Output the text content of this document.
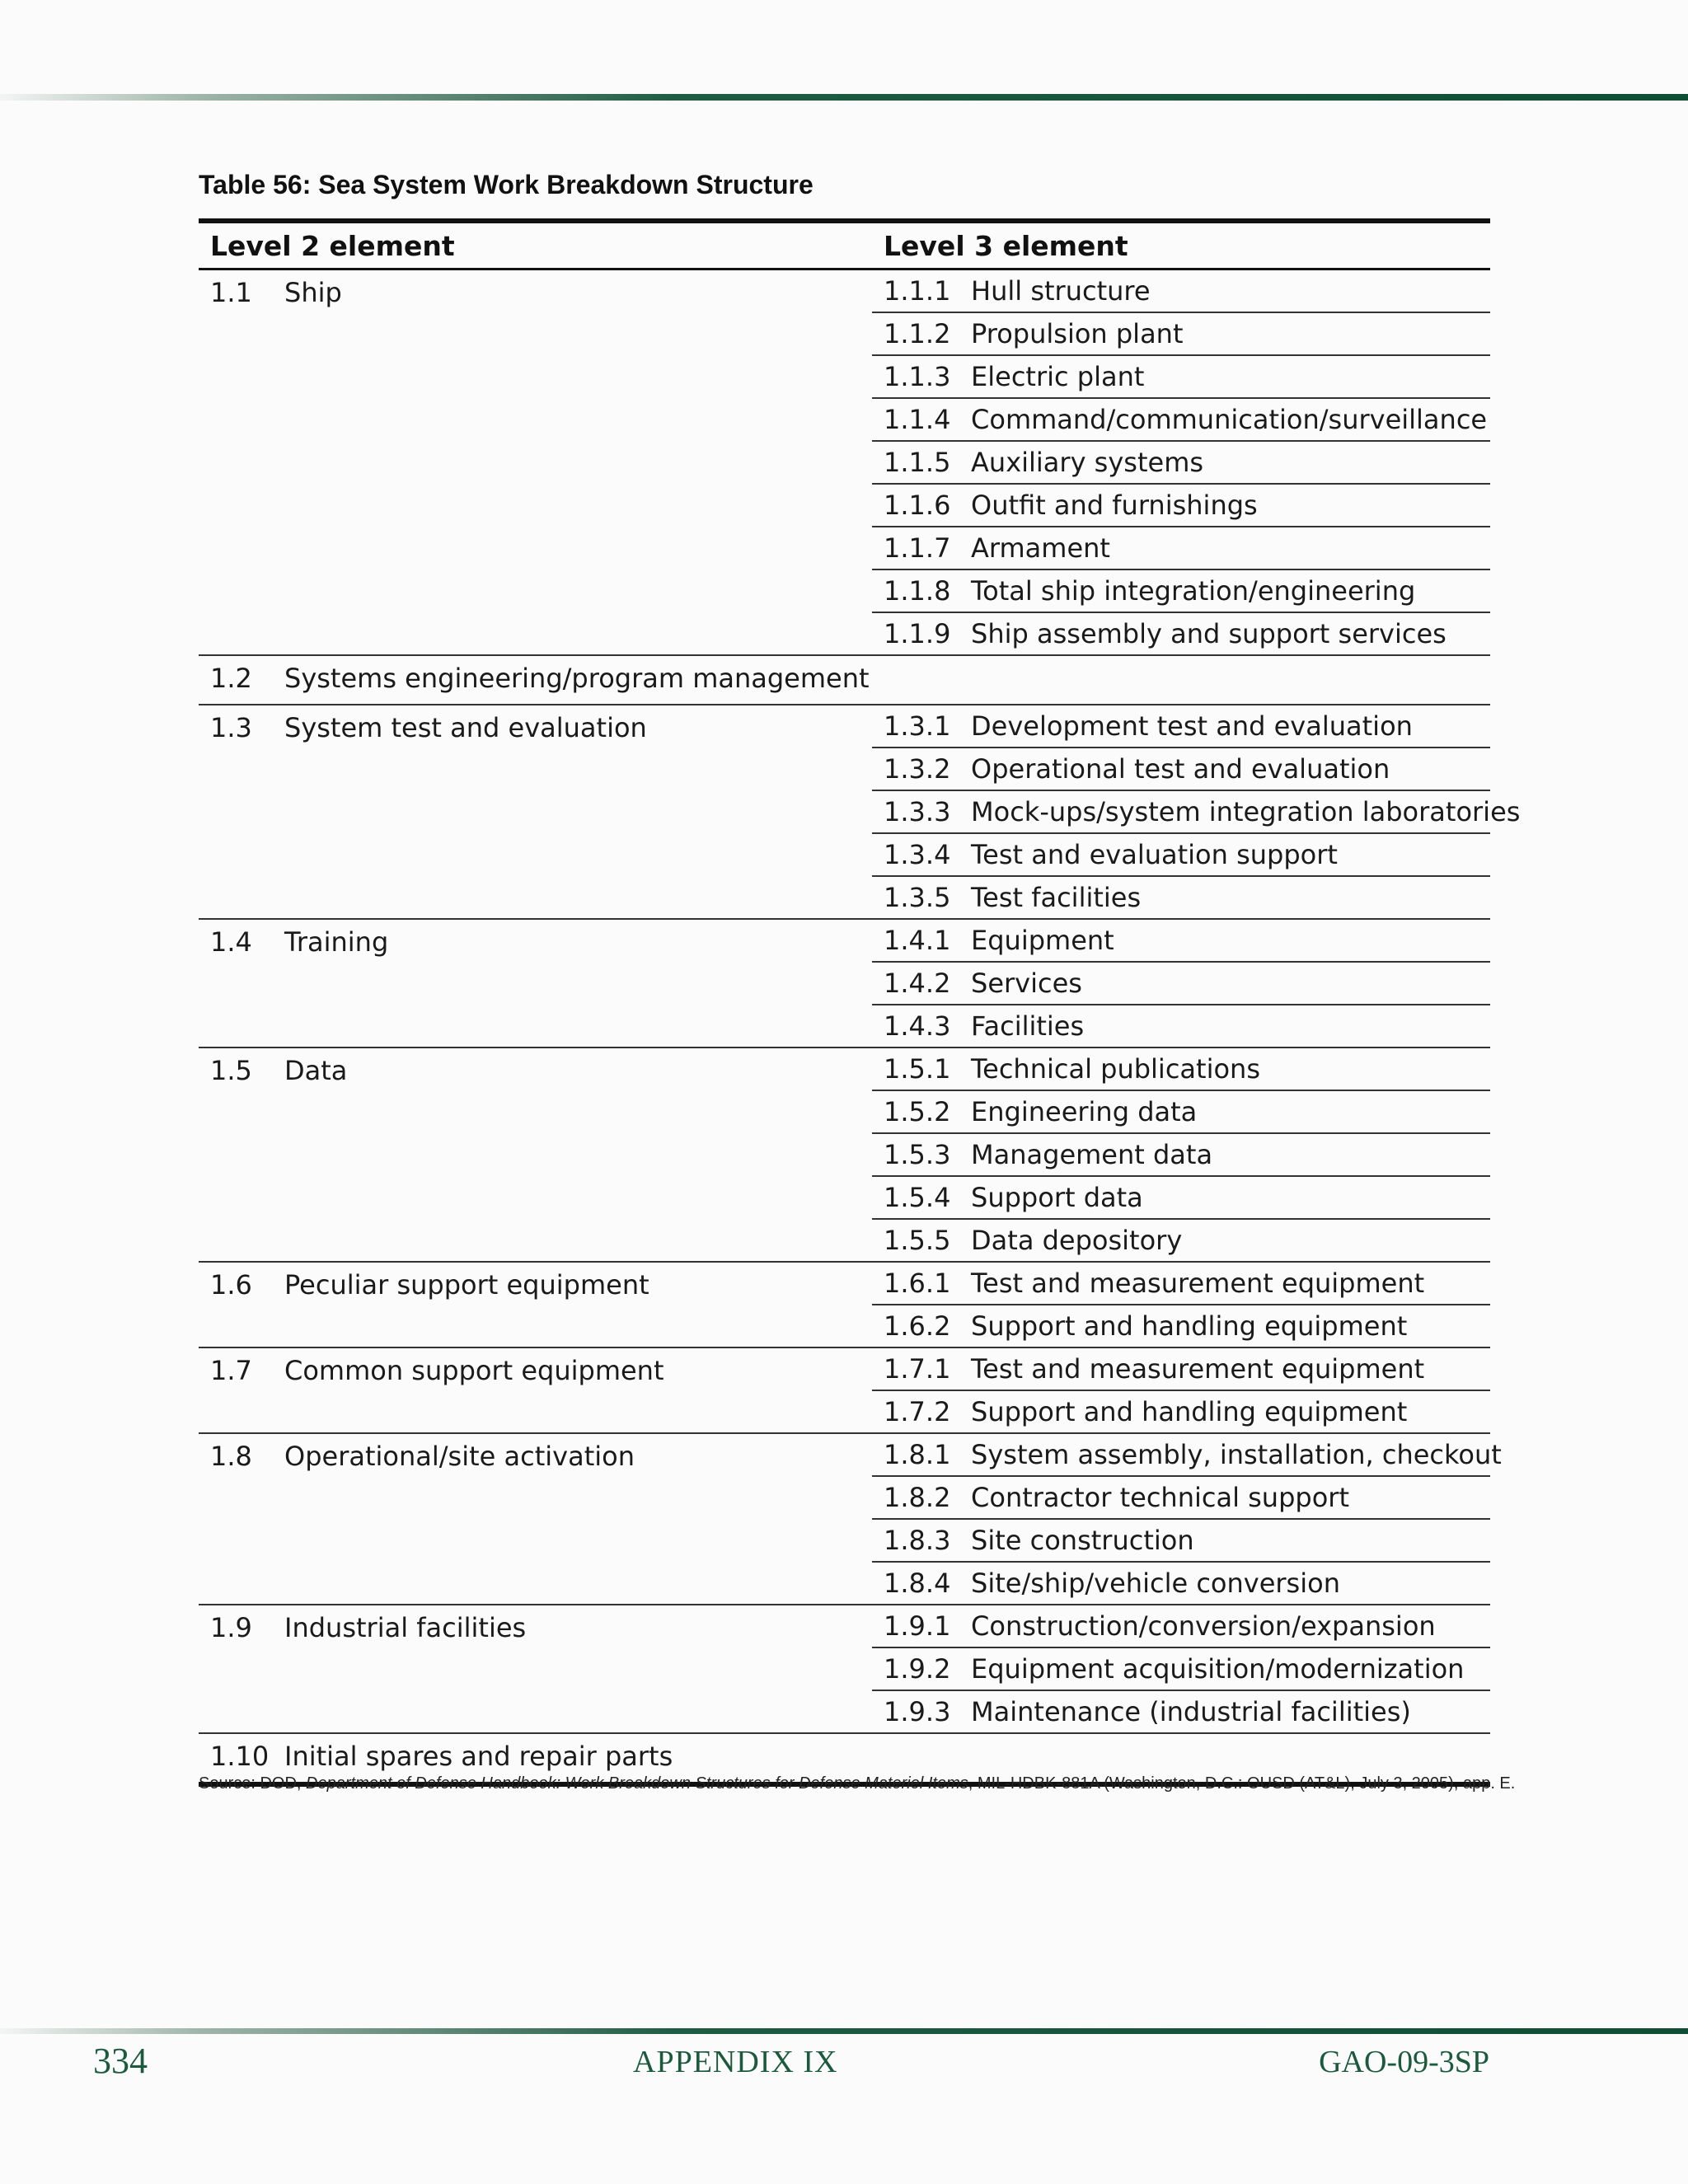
Table 56: Sea System Work Breakdown Structure
Level 2 element			Level 3 element	
1.1	Ship		1.1.1	Hull structure
			1.1.2	Propulsion plant
			1.1.3	Electric plant
			1.1.4	Command/communication/surveillance
			1.1.5	Auxiliary systems
			1.1.6	Outfit and furnishings
			1.1.7	Armament
			1.1.8	Total ship integration/engineering
			1.1.9	Ship assembly and support services
1.2	Systems engineering/program management			
1.3	System test and evaluation		1.3.1	Development test and evaluation
			1.3.2	Operational test and evaluation
			1.3.3	Mock-ups/system integration laboratories
			1.3.4	Test and evaluation support
			1.3.5	Test facilities
1.4	Training		1.4.1	Equipment
			1.4.2	Services
			1.4.3	Facilities
1.5	Data		1.5.1	Technical publications
			1.5.2	Engineering data
			1.5.3	Management data
			1.5.4	Support data
			1.5.5	Data depository
1.6	Peculiar support equipment		1.6.1	Test and measurement equipment
			1.6.2	Support and handling equipment
1.7	Common support equipment		1.7.1	Test and measurement equipment
			1.7.2	Support and handling equipment
1.8	Operational/site activation		1.8.1	System assembly, installation, checkout
			1.8.2	Contractor technical support
			1.8.3	Site construction
			1.8.4	Site/ship/vehicle conversion
1.9	Industrial facilities		1.9.1	Construction/conversion/expansion
			1.9.2	Equipment acquisition/modernization
			1.9.3	Maintenance (industrial facilities)
1.10	Initial spares and repair parts			
Source: DOD, Department of Defense Handbook: Work Breakdown Structures for Defense Materiel Items, MIL-HDBK-881A (Washington, D.C.: OUSD (AT&L), July 3, 2005), app. E.
334	APPENDIX IX	GAO-09-3SP
